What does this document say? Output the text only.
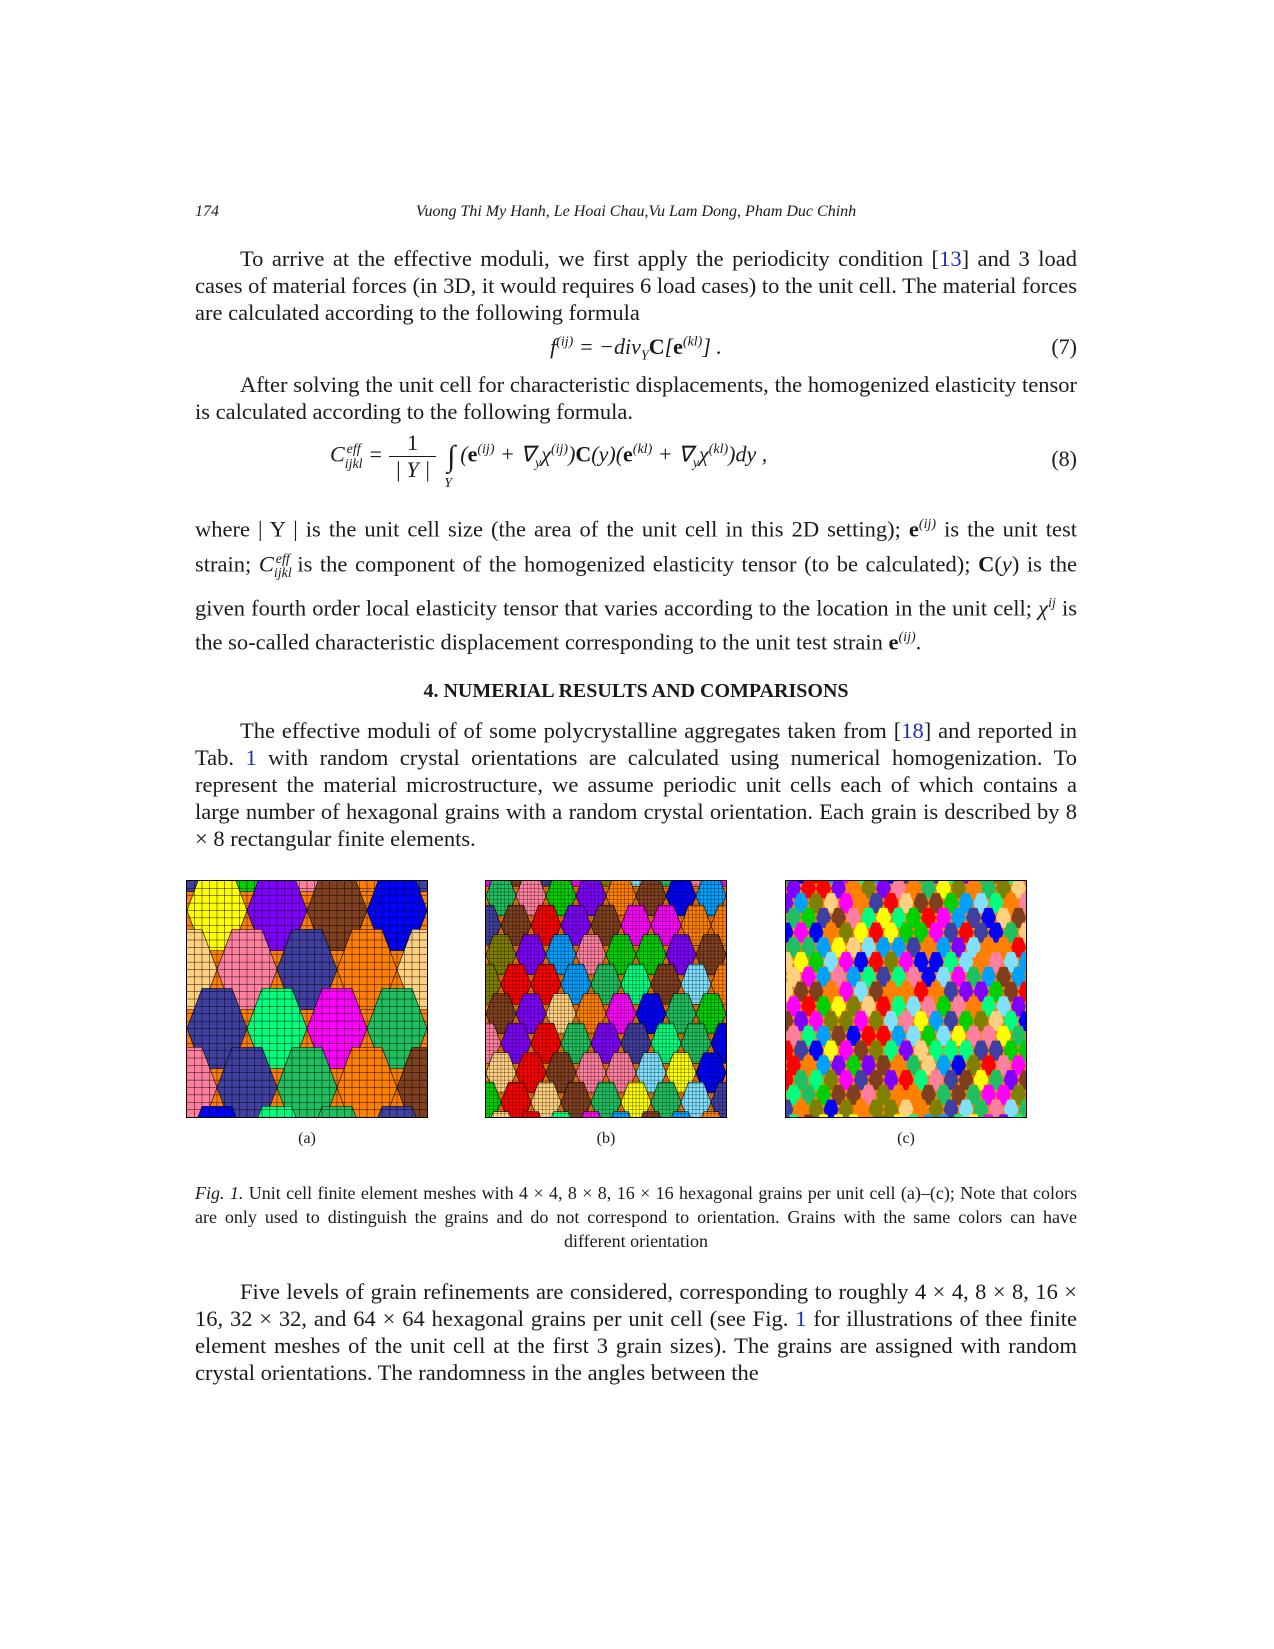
174	Vuong Thi My Hanh, Le Hoai Chau,Vu Lam Dong, Pham Duc Chinh

To arrive at the effective moduli, we first apply the periodicity condition [13] and 3 load cases of material forces (in 3D, it would requires 6 load cases) to the unit cell. The material forces are calculated according to the following formula

$f^{(ij)} = -div_YC[e^{(kl)}]$ .	(7)

After solving the unit cell for characteristic displacements, the homogenized elasticity tensor is calculated according to the following formula.

C eff
ijkl = $\frac{1}{| Y |}$ ∫
Y
$(e^{(ij)} + \nabla_y\chi^{(ij)})C(y)(e^{(kl)} + \nabla_y\chi^{(kl)})dy$ ,	(8)

where | Y | is the unit cell size (the area of the unit cell in this 2D setting); $e^{(ij)}$ is the unit test strain; $C_{ijkl}^{eff}$ is the component of the homogenized elasticity tensor (to be calculated); C(y) is the given fourth order local elasticity tensor that varies according to the location in the unit cell; $\chi^{ij}$ is the so-called characteristic displacement corresponding to the unit test strain $e^{(ij)}$.

4. NUMERIAL RESULTS AND COMPARISONS

The effective moduli of of some polycrystalline aggregates taken from [18] and reported in Tab. 1 with random crystal orientations are calculated using numerical homogenization. To represent the material microstructure, we assume periodic unit cells each of which contains a large number of hexagonal grains with a random crystal orientation. Each grain is described by 8 × 8 rectangular finite elements.

(a)	(b)	(c)
Fig. 1. Unit cell finite element meshes with 4 × 4, 8 × 8, 16 × 16 hexagonal grains per unit cell (a)–(c); Note that colors are only used to distinguish the grains and do not correspond to orientation. Grains with the same colors can have different orientation

Five levels of grain refinements are considered, corresponding to roughly 4 × 4, 8 × 8, 16 × 16, 32 × 32, and 64 × 64 hexagonal grains per unit cell (see Fig. 1 for illustrations of thee finite element meshes of the unit cell at the first 3 grain sizes). The grains are assigned with random crystal orientations. The randomness in the angles between the
